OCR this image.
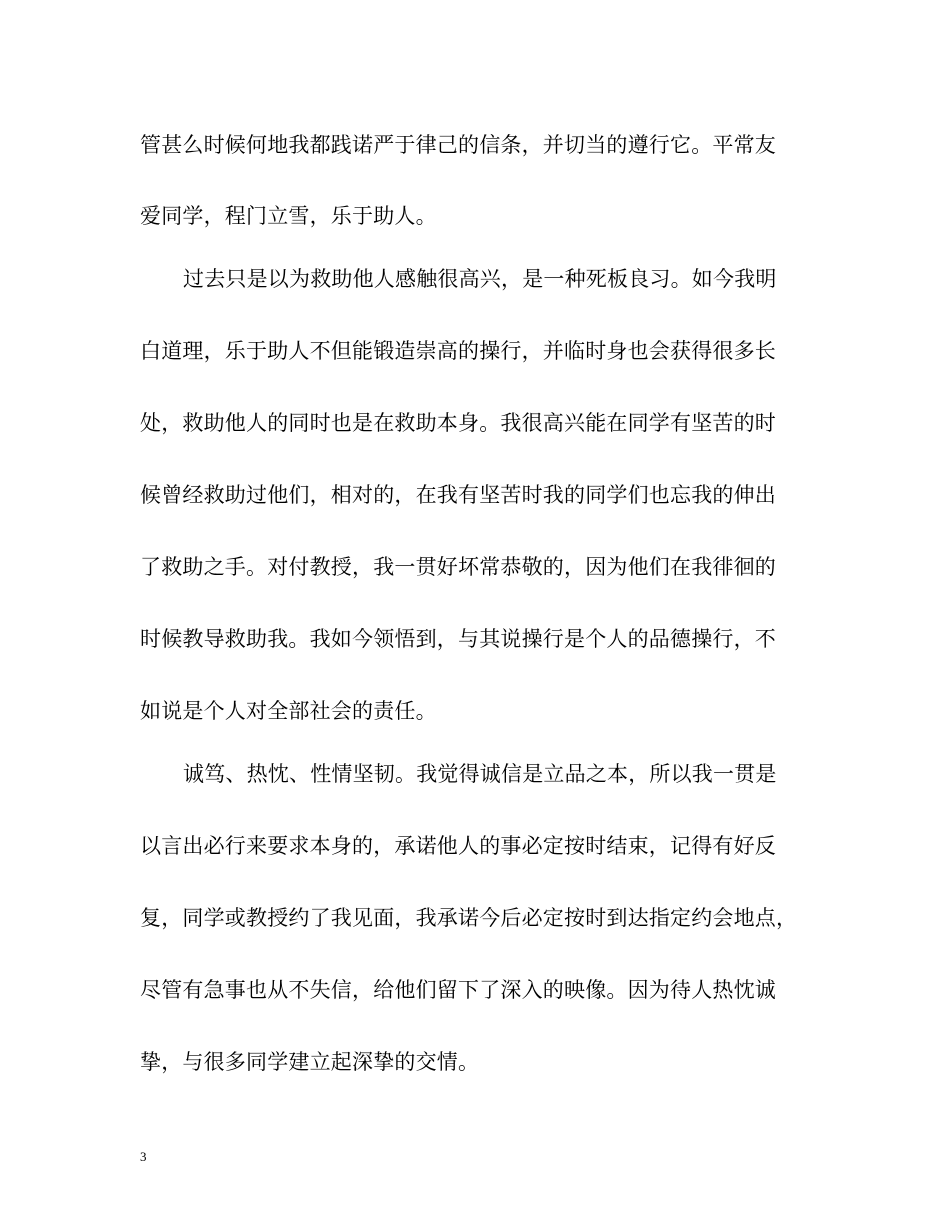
管甚么时候何地我都践诺严于律己的信条，并切当的遵行它。平常友
爱同学，程门立雪，乐于助人。
过去只是以为救助他人感触很高兴，是一种死板良习。如今我明
白道理，乐于助人不但能锻造崇高的操行，并临时身也会获得很多长
处，救助他人的同时也是在救助本身。我很高兴能在同学有坚苦的时
候曾经救助过他们，相对的，在我有坚苦时我的同学们也忘我的伸出
了救助之手。对付教授，我一贯好坏常恭敬的，因为他们在我徘徊的
时候教导救助我。我如今领悟到，与其说操行是个人的品德操行，不
如说是个人对全部社会的责任。
诚笃、热忱、性情坚韧。我觉得诚信是立品之本，所以我一贯是
以言出必行来要求本身的，承诺他人的事必定按时结束，记得有好反
复，同学或教授约了我见面，我承诺今后必定按时到达指定约会地点，
尽管有急事也从不失信，给他们留下了深入的映像。因为待人热忱诚
挚，与很多同学建立起深挚的交情。
3
